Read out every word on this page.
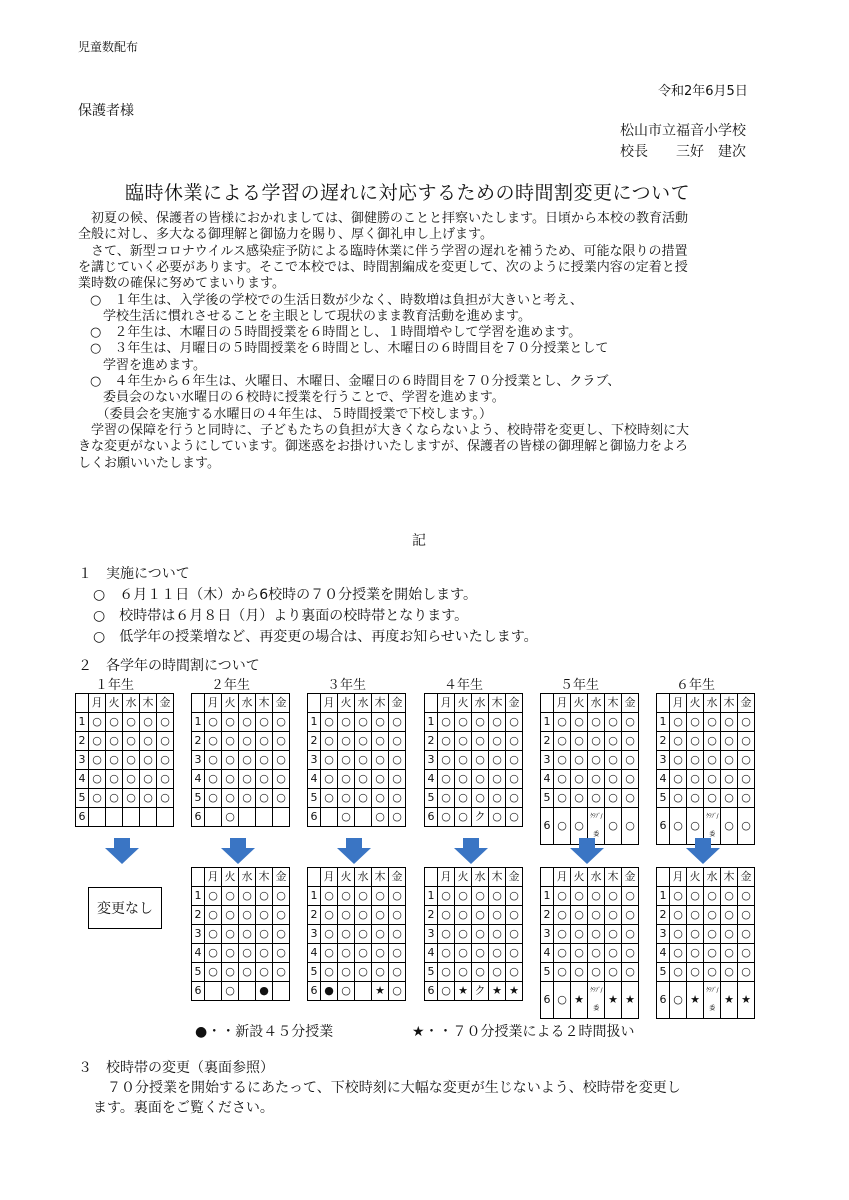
児童数配布
令和2年6月5日
保護者様
松山市立福音小学校
校長　　三好　建次
臨時休業による学習の遅れに対応するための時間割変更について
　初夏の候、保護者の皆様におかれましては、御健勝のことと拝察いたします。日頃から本校の教育活動
全般に対し、多大なる御理解と御協力を賜り、厚く御礼申し上げます。
　さて、新型コロナウイルス感染症予防による臨時休業に伴う学習の遅れを補うため、可能な限りの措置
を講じていく必要があります。そこで本校では、時間割編成を変更して、次のように授業内容の定着と授
業時数の確保に努めてまいります。
○　１年生は、入学後の学校での生活日数が少なく、時数増は負担が大きいと考え、
　学校生活に慣れさせることを主眼として現状のまま教育活動を進めます。
○　２年生は、木曜日の５時間授業を６時間とし、１時間増やして学習を進めます。
○　３年生は、月曜日の５時間授業を６時間とし、木曜日の６時間目を７０分授業として
　学習を進めます。
○　４年生から６年生は、火曜日、木曜日、金曜日の６時間目を７０分授業とし、クラブ、
　委員会のない水曜日の６校時に授業を行うことで、学習を進めます。
　（委員会を実施する水曜日の４年生は、５時間授業で下校します。）
　学習の保障を行うと同時に、子どもたちの負担が大きくならないよう、校時帯を変更し、下校時刻に大
きな変更がないようにしています。御迷惑をお掛けいたしますが、保護者の皆様の御理解と御協力をよろ
しくお願いいたします。
記
１　実施について
○　６月１１日（木）から6校時の７０分授業を開始します。
○　校時帯は６月８日（月）より裏面の校時帯となります。
○　低学年の授業増など、再変更の場合は、再度お知らせいたします。
２　各学年の時間割について
１年生
	月	火	水	木	金
1	○	○	○	○	○
2	○	○	○	○	○
3	○	○	○	○	○
4	○	○	○	○	○
5	○	○	○	○	○
6					
２年生
	月	火	水	木	金
1	○	○	○	○	○
2	○	○	○	○	○
3	○	○	○	○	○
4	○	○	○	○	○
5	○	○	○	○	○
6		○			
	月	火	水	木	金
1	○	○	○	○	○
2	○	○	○	○	○
3	○	○	○	○	○
4	○	○	○	○	○
5	○	○	○	○	○
6		○		●	
３年生
	月	火	水	木	金
1	○	○	○	○	○
2	○	○	○	○	○
3	○	○	○	○	○
4	○	○	○	○	○
5	○	○	○	○	○
6		○		○	○
	月	火	水	木	金
1	○	○	○	○	○
2	○	○	○	○	○
3	○	○	○	○	○
4	○	○	○	○	○
5	○	○	○	○	○
6	●	○		★	○
４年生
	月	火	水	木	金
1	○	○	○	○	○
2	○	○	○	○	○
3	○	○	○	○	○
4	○	○	○	○	○
5	○	○	○	○	○
6	○	○	ク	○	○
	月	火	水	木	金
1	○	○	○	○	○
2	○	○	○	○	○
3	○	○	○	○	○
4	○	○	○	○	○
5	○	○	○	○	○
6	○	★	ク	★	★
５年生
	月	火	水	木	金
1	○	○	○	○	○
2	○	○	○	○	○
3	○	○	○	○	○
4	○	○	○	○	○
5	○	○	○	○	○
6	○	○	ｸﾗﾌﾞ/委	○	○
	月	火	水	木	金
1	○	○	○	○	○
2	○	○	○	○	○
3	○	○	○	○	○
4	○	○	○	○	○
5	○	○	○	○	○
6	○	★	ｸﾗﾌﾞ/委	★	★
６年生
	月	火	水	木	金
1	○	○	○	○	○
2	○	○	○	○	○
3	○	○	○	○	○
4	○	○	○	○	○
5	○	○	○	○	○
6	○	○	ｸﾗﾌﾞ/委	○	○
	月	火	水	木	金
1	○	○	○	○	○
2	○	○	○	○	○
3	○	○	○	○	○
4	○	○	○	○	○
5	○	○	○	○	○
6	○	★	ｸﾗﾌﾞ/委	★	★
変更なし
●・・新設４５分授業	★・・７０分授業による２時間扱い
３　校時帯の変更（裏面参照）
　７０分授業を開始するにあたって、下校時刻に大幅な変更が生じないよう、校時帯を変更し
ます。裏面をご覧ください。
